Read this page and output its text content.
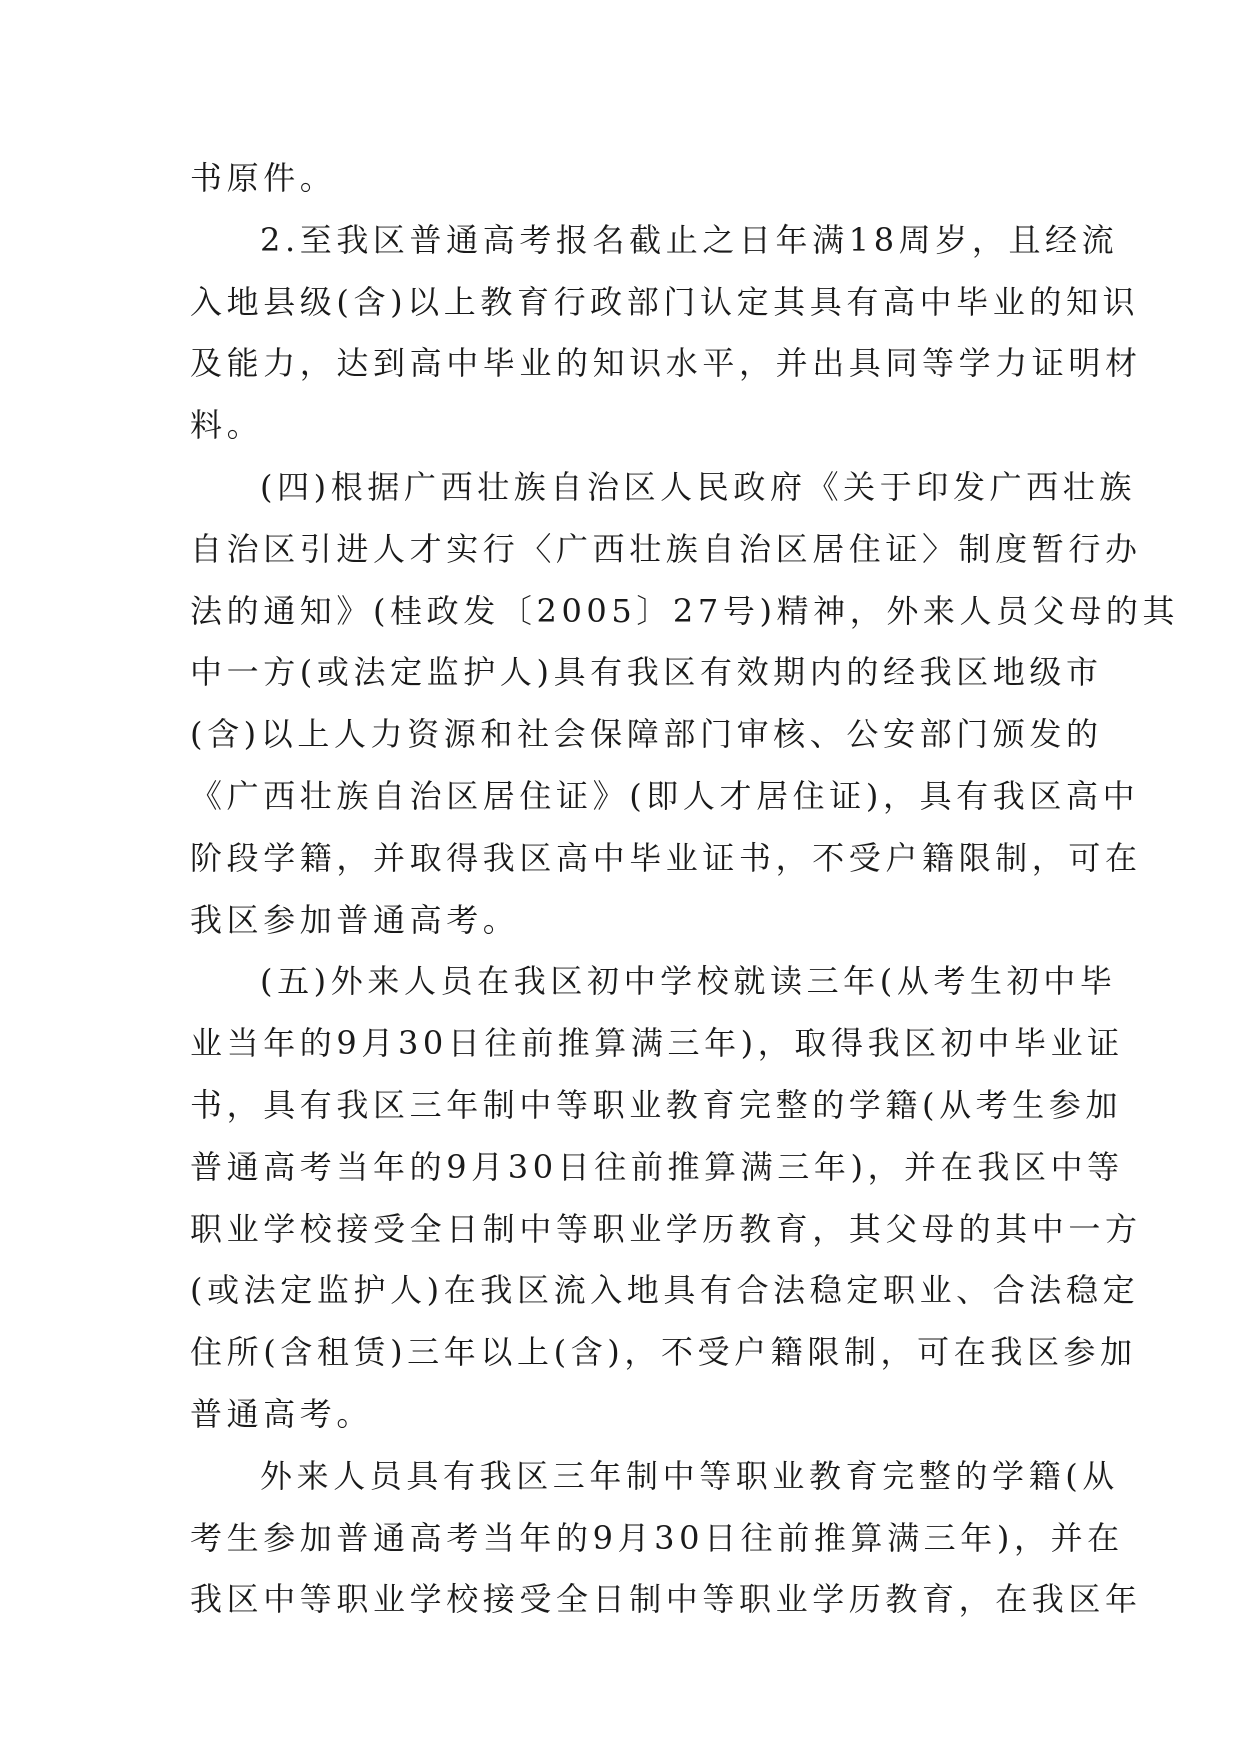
书原件。
2.至我区普通高考报名截止之日年满18周岁，且经流
入地县级(含)以上教育行政部门认定其具有高中毕业的知识
及能力，达到高中毕业的知识水平，并出具同等学力证明材
料。
(四)根据广西壮族自治区人民政府《关于印发广西壮族
自治区引进人才实行〈广西壮族自治区居住证〉制度暂行办
法的通知》(桂政发〔2005〕27号)精神，外来人员父母的其
中一方(或法定监护人)具有我区有效期内的经我区地级市
(含)以上人力资源和社会保障部门审核、公安部门颁发的
《广西壮族自治区居住证》(即人才居住证)，具有我区高中
阶段学籍，并取得我区高中毕业证书，不受户籍限制，可在
我区参加普通高考。
(五)外来人员在我区初中学校就读三年(从考生初中毕
业当年的9月30日往前推算满三年)，取得我区初中毕业证
书，具有我区三年制中等职业教育完整的学籍(从考生参加
普通高考当年的9月30日往前推算满三年)，并在我区中等
职业学校接受全日制中等职业学历教育，其父母的其中一方
(或法定监护人)在我区流入地具有合法稳定职业、合法稳定
住所(含租赁)三年以上(含)，不受户籍限制，可在我区参加
普通高考。
外来人员具有我区三年制中等职业教育完整的学籍(从
考生参加普通高考当年的9月30日往前推算满三年)，并在
我区中等职业学校接受全日制中等职业学历教育，在我区年
